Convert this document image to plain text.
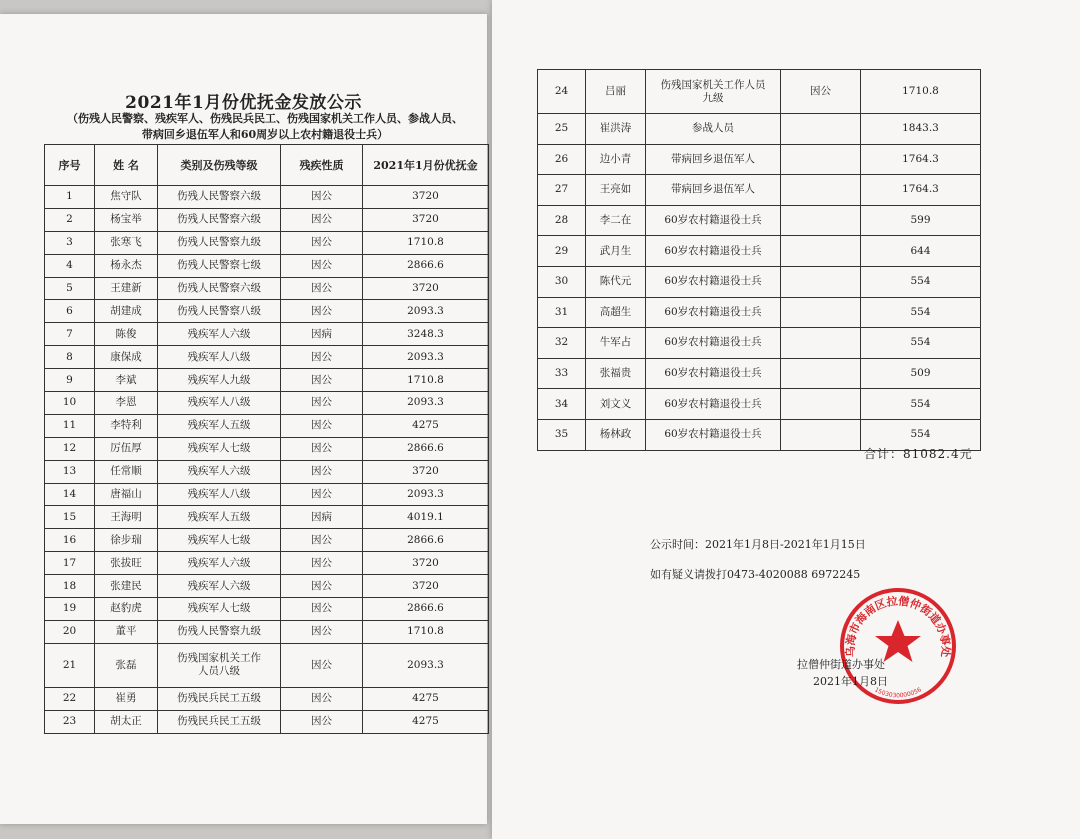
2021年1月份优抚金发放公示
（伤残人民警察、残疾军人、伤残民兵民工、伤残国家机关工作人员、参战人员、
带病回乡退伍军人和60周岁以上农村籍退役士兵）
序号	姓 名	类别及伤残等级	残疾性质	2021年1月份优抚金
1	焦守队	伤残人民警察六级	因公	3720
2	杨宝举	伤残人民警察六级	因公	3720
3	张寒飞	伤残人民警察九级	因公	1710.8
4	杨永杰	伤残人民警察七级	因公	2866.6
5	王建新	伤残人民警察六级	因公	3720
6	胡建成	伤残人民警察八级	因公	2093.3
7	陈俊	残疾军人六级	因病	3248.3
8	康保成	残疾军人八级	因公	2093.3
9	李斌	残疾军人九级	因公	1710.8
10	李恩	残疾军人八级	因公	2093.3
11	李特利	残疾军人五级	因公	4275
12	厉伍厚	残疾军人七级	因公	2866.6
13	任常顺	残疾军人六级	因公	3720
14	唐福山	残疾军人八级	因公	2093.3
15	王海明	残疾军人五级	因病	4019.1
16	徐步瑞	残疾军人七级	因公	2866.6
17	张拔旺	残疾军人六级	因公	3720
18	张建民	残疾军人六级	因公	3720
19	赵豹虎	残疾军人七级	因公	2866.6
20	董平	伤残人民警察九级	因公	1710.8
21	张磊	伤残国家机关工作人员八级	因公	2093.3
22	崔勇	伤残民兵民工五级	因公	4275
23	胡太正	伤残民兵民工五级	因公	4275
24	吕丽	伤残国家机关工作人员九级	因公	1710.8
25	崔洪涛	参战人员		1843.3
26	边小青	带病回乡退伍军人		1764.3
27	王亮如	带病回乡退伍军人		1764.3
28	李二在	60岁农村籍退役士兵		599
29	武月生	60岁农村籍退役士兵		644
30	陈代元	60岁农村籍退役士兵		554
31	高超生	60岁农村籍退役士兵		554
32	牛军占	60岁农村籍退役士兵		554
33	张福贵	60岁农村籍退役士兵		509
34	刘文义	60岁农村籍退役士兵		554
35	杨林政	60岁农村籍退役士兵		554
合计：81082.4元
公示时间：2021年1月8日-2021年1月15日
如有疑义请拨打0473-4020088 6972245
乌海市海南区拉僧仲街道办事处
1503030000056
拉僧仲街道办事处
2021年1月8日
